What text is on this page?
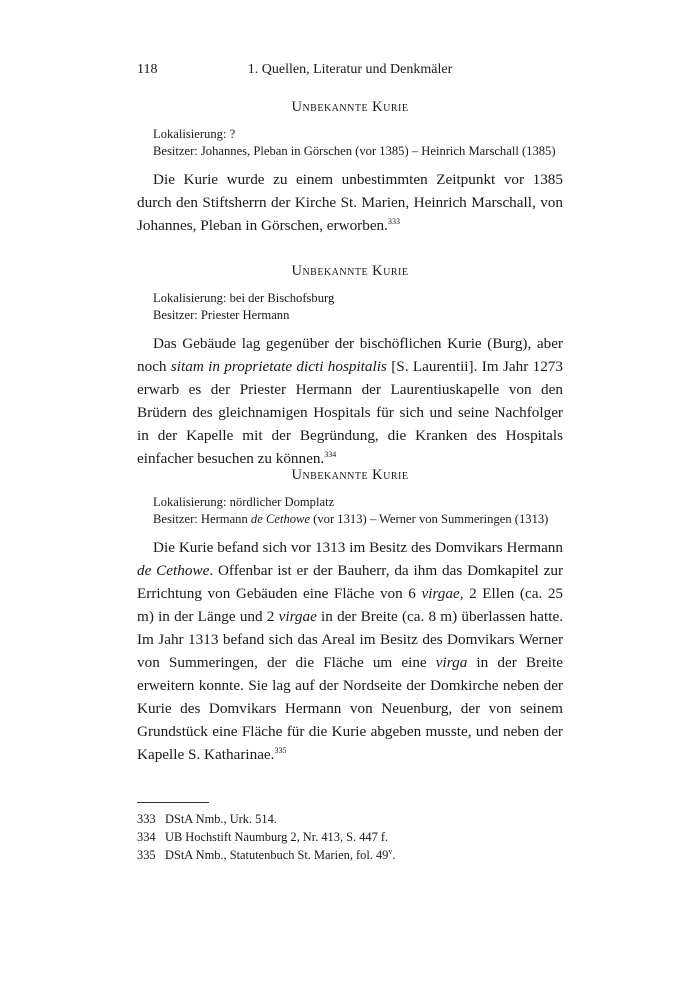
118	1. Quellen, Literatur und Denkmäler
Unbekannte Kurie
Lokalisierung: ?
Besitzer: Johannes, Pleban in Görschen (vor 1385) – Heinrich Marschall (1385)

Die Kurie wurde zu einem unbestimmten Zeitpunkt vor 1385 durch den Stiftsherrn der Kirche St. Marien, Heinrich Marschall, von Johannes, Pleban in Görschen, erworben.$^{333}$

Unbekannte Kurie
Lokalisierung: bei der Bischofsburg
Besitzer: Priester Hermann

Das Gebäude lag gegenüber der bischöflichen Kurie (Burg), aber noch sitam in proprietate dicti hospitalis [S. Laurentii]. Im Jahr 1273 erwarb es der Priester Hermann der Laurentiuskapelle von den Brüdern des gleichnamigen Hospitals für sich und seine Nachfolger in der Kapelle mit der Begründung, die Kranken des Hospitals einfacher besuchen zu können.$^{334}$

Unbekannte Kurie
Lokalisierung: nördlicher Domplatz
Besitzer: Hermann de Cethowe (vor 1313) – Werner von Summeringen (1313)

Die Kurie befand sich vor 1313 im Besitz des Domvikars Hermann de Cethowe. Offenbar ist er der Bauherr, da ihm das Domkapitel zur Errichtung von Gebäuden eine Fläche von 6 virgae, 2 Ellen (ca. 25 m) in der Länge und 2 virgae in der Breite (ca. 8 m) überlassen hatte. Im Jahr 1313 befand sich das Areal im Besitz des Domvikars Werner von Summeringen, der die Fläche um eine virga in der Breite erweitern konnte. Sie lag auf der Nordseite der Domkirche neben der Kurie des Domvikars Hermann von Neuenburg, der von seinem Grundstück eine Fläche für die Kurie abgeben musste, und neben der Kapelle S. Katharinae.$^{335}$

333 DStA Nmb., Urk. 514.
334 UB Hochstift Naumburg 2, Nr. 413, S. 447 f.
335 DStA Nmb., Statutenbuch St. Marien, fol. 49$^v$.
